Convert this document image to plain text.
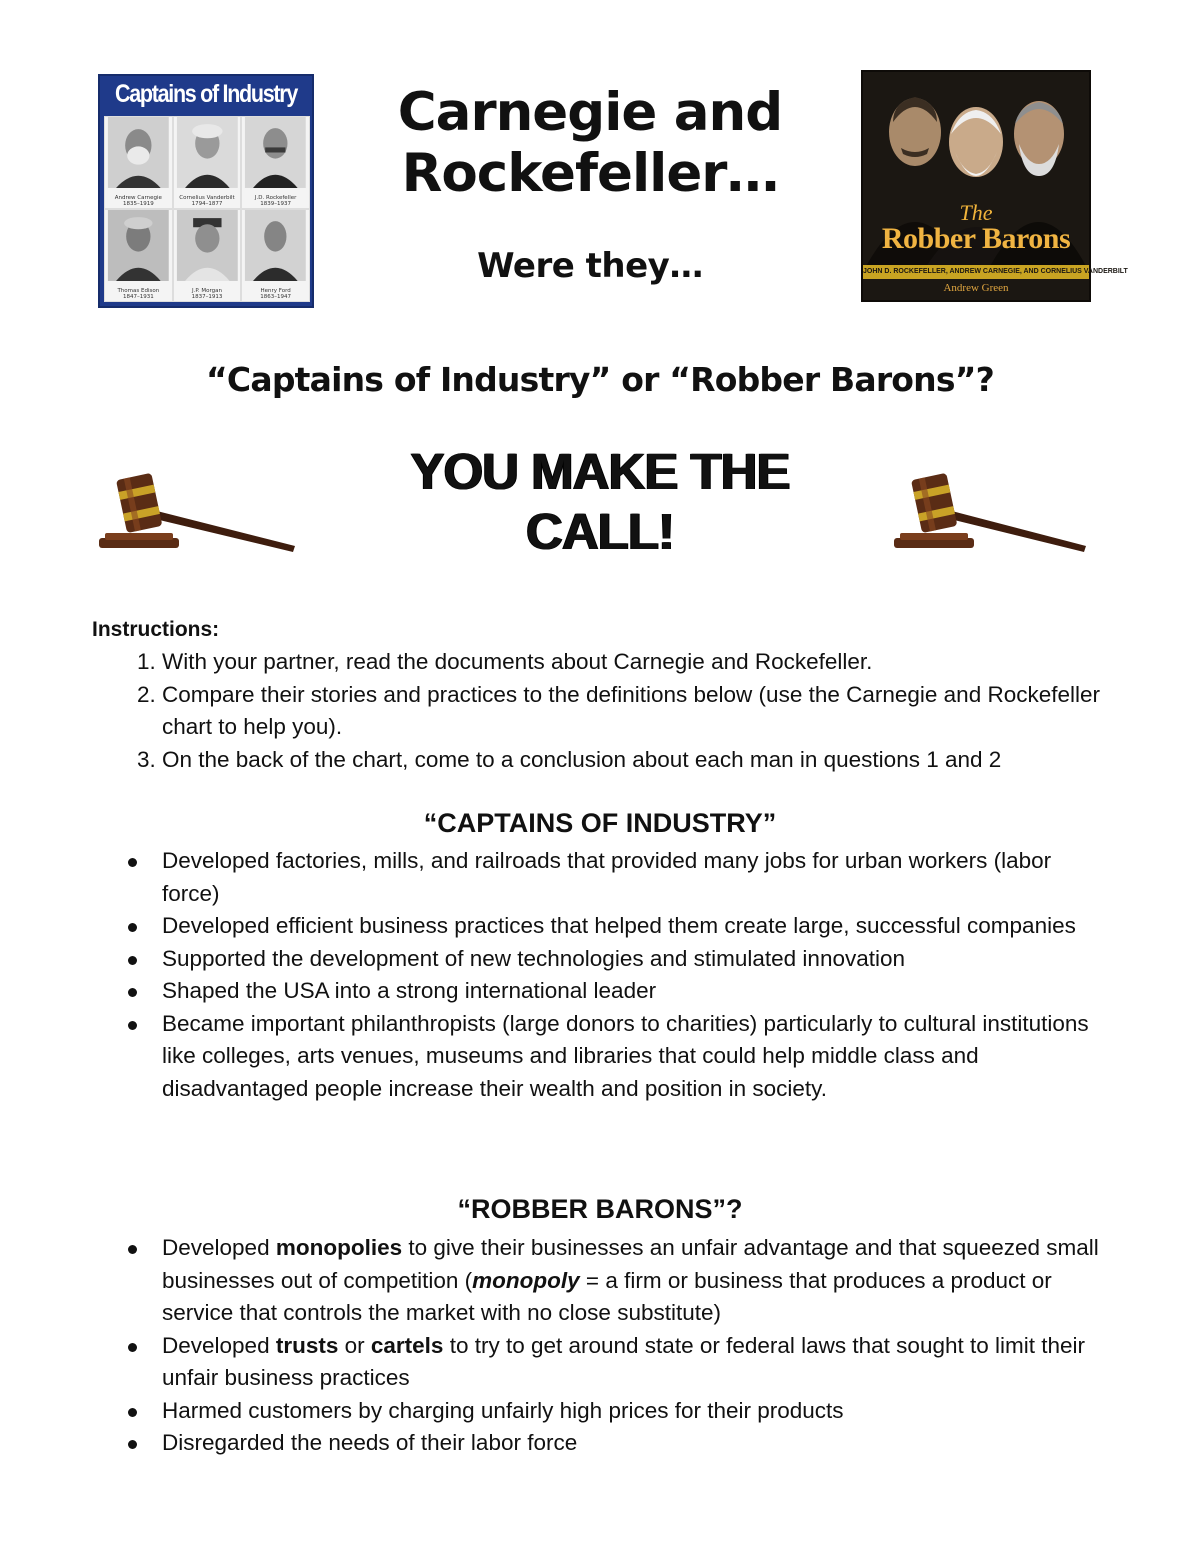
Captains of Industry
Andrew Carnegie
1835–1919
Cornelius Vanderbilt
1794–1877
J.D. Rockefeller
1839–1937
Thomas Edison
1847–1931
J.P. Morgan
1837–1913
Henry Ford
1863–1947
Carnegie and
Rockefeller…
Were they…
The
Robber Barons
JOHN D. ROCKEFELLER, ANDREW CARNEGIE, AND CORNELIUS VANDERBILT
Andrew Green
“Captains of Industry” or “Robber Barons”?
YOU MAKE THE
CALL!
Instructions:
1. With your partner, read the documents about Carnegie and Rockefeller.
2. Compare their stories and practices to the definitions below (use the Carnegie and Rockefeller chart to help you).
3. On the back of the chart, come to a conclusion about each man in questions 1 and 2
“CAPTAINS OF INDUSTRY”
Developed factories, mills, and railroads that provided many jobs for urban workers (labor force)
Developed efficient business practices that helped them create large, successful companies
Supported the development of new technologies and stimulated innovation
Shaped the USA into a strong international leader
Became important philanthropists (large donors to charities) particularly to cultural institutions like colleges, arts venues, museums and libraries that could help middle class and disadvantaged people increase their wealth and position in society.
“ROBBER BARONS”?
Developed monopolies to give their businesses an unfair advantage and that squeezed small businesses out of competition (monopoly = a firm or business that produces a product or service that controls the market with no close substitute)
Developed trusts or cartels to try to get around state or federal laws that sought to limit their unfair business practices
Harmed customers by charging unfairly high prices for their products
Disregarded the needs of their labor force
